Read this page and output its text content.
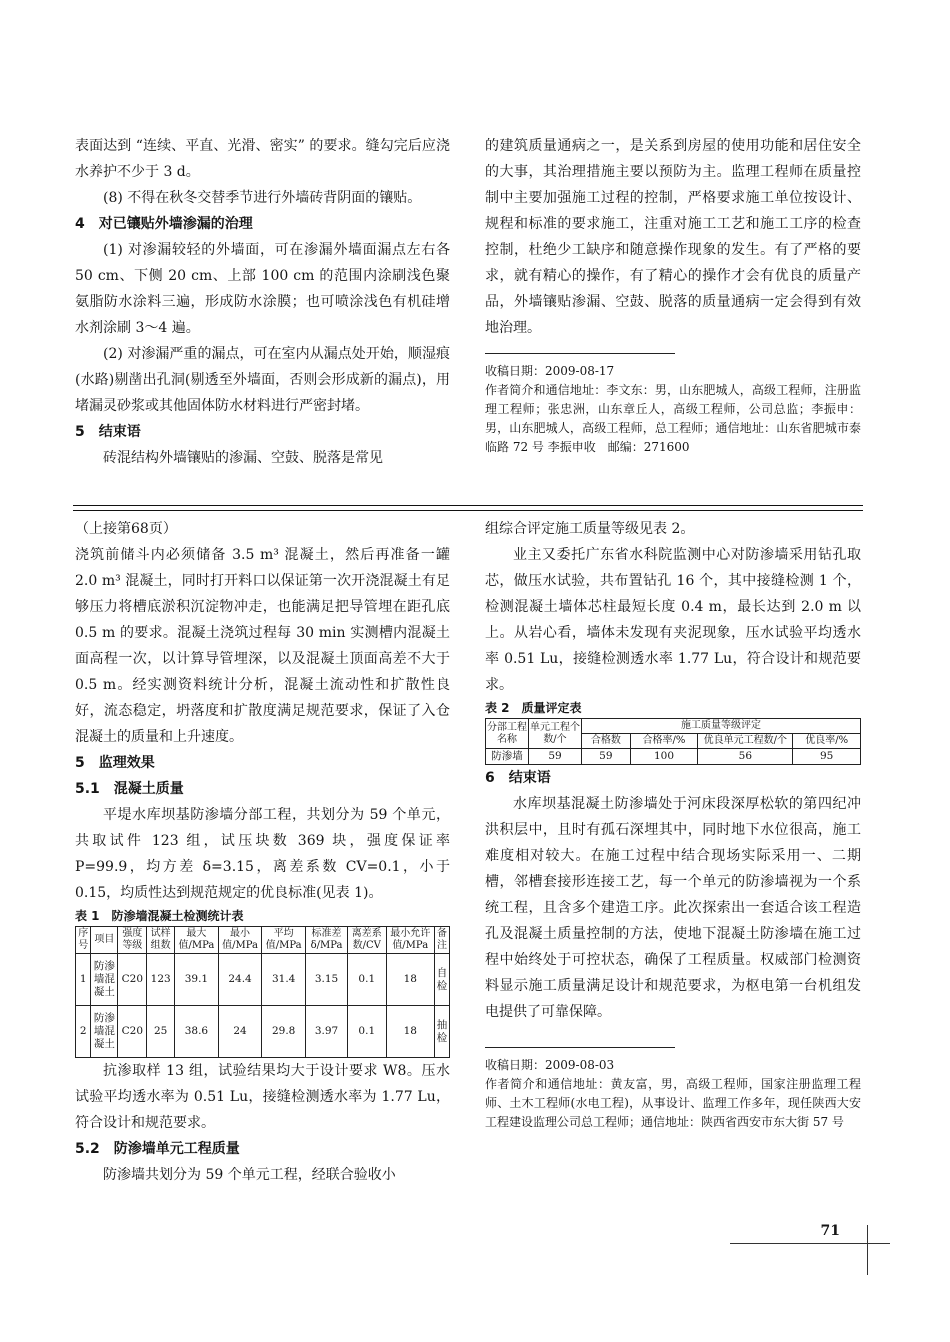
表面达到 “连续、平直、光滑、密实” 的要求。缝勾完后应浇水养护不少于 3 d。

(8) 不得在秋冬交替季节进行外墙砖背阴面的镶贴。

4　对已镶贴外墙渗漏的治理

(1) 对渗漏较轻的外墙面，可在渗漏外墙面漏点左右各 50 cm、下侧 20 cm、上部 100 cm 的范围内涂刷浅色聚氨脂防水涂料三遍，形成防水涂膜；也可喷涂浅色有机硅增水剂涂刷 3～4 遍。

(2) 对渗漏严重的漏点，可在室内从漏点处开始，顺湿痕(水路)剔凿出孔洞(剔透至外墙面，否则会形成新的漏点)，用堵漏灵砂浆或其他固体防水材料进行严密封堵。

5　结束语

砖混结构外墙镶贴的渗漏、空鼓、脱落是常见

的建筑质量通病之一，是关系到房屋的使用功能和居住安全的大事，其治理措施主要以预防为主。监理工程师在质量控制中主要加强施工过程的控制，严格要求施工单位按设计、规程和标准的要求施工，注重对施工工艺和施工工序的检查控制，杜绝少工缺序和随意操作现象的发生。有了严格的要求，就有精心的操作，有了精心的操作才会有优良的质量产品，外墙镶贴渗漏、空鼓、脱落的质量通病一定会得到有效地治理。

收稿日期：2009-08-17

作者简介和通信地址：李文东：男，山东肥城人，高级工程师，注册监理工程师；张忠洲，山东章丘人，高级工程师，公司总监；李振申：男，山东肥城人，高级工程师，总工程师；通信地址：山东省肥城市泰临路 72 号 李振申收　邮编：271600

（上接第68页）

浇筑前储斗内必须储备 3.5 m³ 混凝土，然后再准备一罐 2.0 m³ 混凝土，同时打开料口以保证第一次开浇混凝土有足够压力将槽底淤积沉淀物冲走，也能满足把导管埋在距孔底 0.5 m 的要求。混凝土浇筑过程每 30 min 实测槽内混凝土面高程一次，以计算导管埋深，以及混凝土顶面高差不大于 0.5 m。经实测资料统计分析，混凝土流动性和扩散性良好，流态稳定，坍落度和扩散度满足规范要求，保证了入仓混凝土的质量和上升速度。

5　监理效果

5.1　混凝土质量

平堤水库坝基防渗墙分部工程，共划分为 59 个单元，共取试件 123 组，试压块数 369 块，强度保证率 P=99.9，均方差 δ=3.15，离差系数 CV=0.1，小于 0.15，均质性达到规范规定的优良标准(见表 1)。

表 1　防渗墙混凝土检测统计表

序号	项目	强度等级	试样组数	最大值/MPa	最小值/MPa	平均值/MPa	标准差δ/MPa	离差系数/CV	最小允许值/MPa	备注
1	防渗墙混凝土	C20	123	39.1	24.4	31.4	3.15	0.1	18	自检
2	防渗墙混凝土	C20	25	38.6	24	29.8	3.97	0.1	18	抽检

抗渗取样 13 组，试验结果均大于设计要求 W8。压水试验平均透水率为 0.51 Lu，接缝检测透水率为 1.77 Lu，符合设计和规范要求。

5.2　防渗墙单元工程质量

防渗墙共划分为 59 个单元工程，经联合验收小

组综合评定施工质量等级见表 2。

业主又委托广东省水科院监测中心对防渗墙采用钻孔取芯，做压水试验，共布置钻孔 16 个，其中接缝检测 1 个，检测混凝土墙体芯柱最短长度 0.4 m，最长达到 2.0 m 以上。从岩心看，墙体未发现有夹泥现象，压水试验平均透水率 0.51 Lu，接缝检测透水率 1.77 Lu，符合设计和规范要求。

表 2　质量评定表

分部工程名称	单元工程个数/个	施工质量等级评定			
		合格数	合格率/%	优良单元工程数/个	优良率/%
防渗墙	59	59	100	56	95

6　结束语

水库坝基混凝土防渗墙处于河床段深厚松软的第四纪冲洪积层中，且时有孤石深埋其中，同时地下水位很高，施工难度相对较大。在施工过程中结合现场实际采用一、二期槽，邻槽套接形连接工艺，每一个单元的防渗墙视为一个系统工程，且含多个建造工序。此次探索出一套适合该工程造孔及混凝土质量控制的方法，使地下混凝土防渗墙在施工过程中始终处于可控状态，确保了工程质量。权威部门检测资料显示施工质量满足设计和规范要求，为枢电第一台机组发电提供了可靠保障。

收稿日期：2009-08-03

作者简介和通信地址：黄友富，男，高级工程师，国家注册监理工程师、土木工程师(水电工程)，从事设计、监理工作多年，现任陕西大安工程建设监理公司总工程师；通信地址：陕西省西安市东大街 57 号

71
